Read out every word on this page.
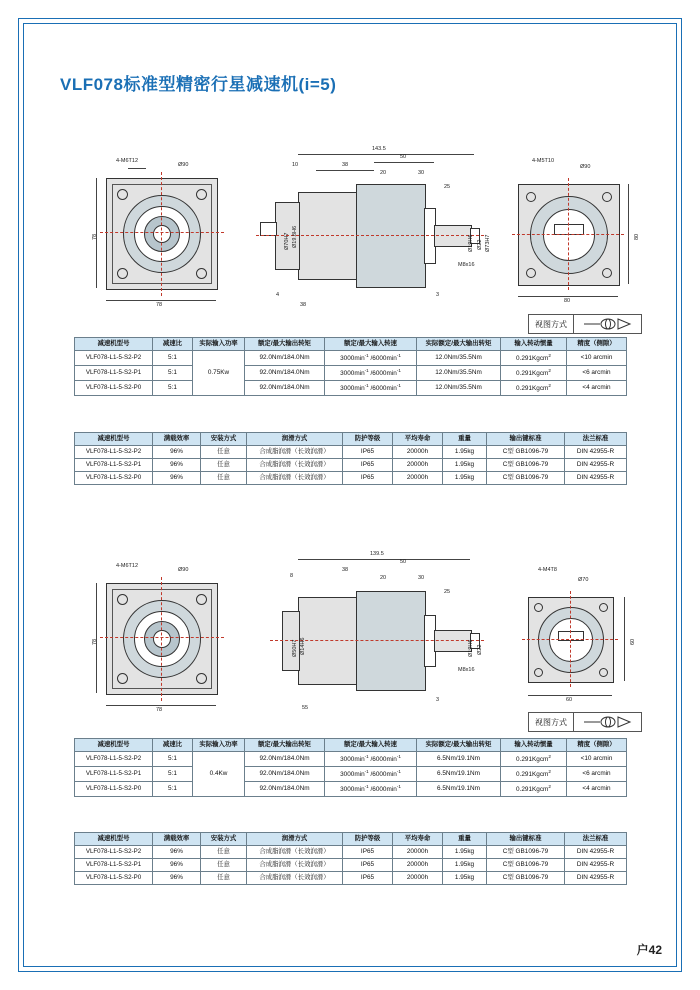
VLF078标准型精密行星减速机(i=5)
4-M6T12
Ø90
78
78
143.5
38
50
20	30
25
10
4
38
3
Ø70H7 Ø19.8H6	Ø19H6 Ø22 Ø73H7
M8x16
4-M5T10
Ø90
80
80
视图方式
减速机型号	减速比	实际输入功率	额定/最大输出转矩	额定/最大输入转速	实际额定/最大输出转矩	输入转动惯量	精度（侧隙）
VLF078-L1-5-S2-P2	5:1	0.75Kw	92.0Nm/184.0Nm	$3000\min^{-1}$ $/6000\min^{-1}$	12.0Nm/35.5Nm	0.291Kgcm$^2$	<10 arcmin
VLF078-L1-5-S2-P1	5:1		92.0Nm/184.0Nm	$3000\min^{-1}$ $/6000\min^{-1}$	12.0Nm/35.5Nm	0.291Kgcm$^2$	<6 arcmin
VLF078-L1-5-S2-P0	5:1		92.0Nm/184.0Nm	$3000\min^{-1}$ $/6000\min^{-1}$	12.0Nm/35.5Nm	0.291Kgcm$^2$	<4 arcmin
减速机型号	满载效率	安装方式	润滑方式	防护等级	平均寿命	重量	输出键标准	法兰标准
VLF078-L1-5-S2-P2	96%	任意	合成脂润滑（长效润滑）	IP65	20000h	1.95kg	C型 GB1096-79	DIN 42955-R
VLF078-L1-5-S2-P1	96%	任意	合成脂润滑（长效润滑）	IP65	20000h	1.95kg	C型 GB1096-79	DIN 42955-R
VLF078-L1-5-S2-P0	96%	任意	合成脂润滑（长效润滑）	IP65	20000h	1.95kg	C型 GB1096-79	DIN 42955-R
4-M6T12
Ø90
78
78
139.5
38
50
20	30
25
8
55
3
Ø50H7 Ø14H6	Ø19H6 Ø22
M8x16
4-M4T8
Ø70
60
60
视图方式
减速机型号	减速比	实际输入功率	额定/最大输出转矩	额定/最大输入转速	实际额定/最大输出转矩	输入转动惯量	精度（侧隙）
VLF078-L1-5-S2-P2	5:1	0.4Kw	92.0Nm/184.0Nm	$3000\min^{-1}$ $/6000\min^{-1}$	6.5Nm/19.1Nm	0.291Kgcm$^2$	<10 arcmin
VLF078-L1-5-S2-P1	5:1		92.0Nm/184.0Nm	$3000\min^{-1}$ $/6000\min^{-1}$	6.5Nm/19.1Nm	0.291Kgcm$^2$	<6 arcmin
VLF078-L1-5-S2-P0	5:1		92.0Nm/184.0Nm	$3000\min^{-1}$ $/6000\min^{-1}$	6.5Nm/19.1Nm	0.291Kgcm$^2$	<4 arcmin
减速机型号	满载效率	安装方式	润滑方式	防护等级	平均寿命	重量	输出键标准	法兰标准
VLF078-L1-5-S2-P2	96%	任意	合成脂润滑（长效润滑）	IP65	20000h	1.95kg	C型 GB1096-79	DIN 42955-R
VLF078-L1-5-S2-P1	96%	任意	合成脂润滑（长效润滑）	IP65	20000h	1.95kg	C型 GB1096-79	DIN 42955-R
VLF078-L1-5-S2-P0	96%	任意	合成脂润滑（长效润滑）	IP65	20000h	1.95kg	C型 GB1096-79	DIN 42955-R
户42
